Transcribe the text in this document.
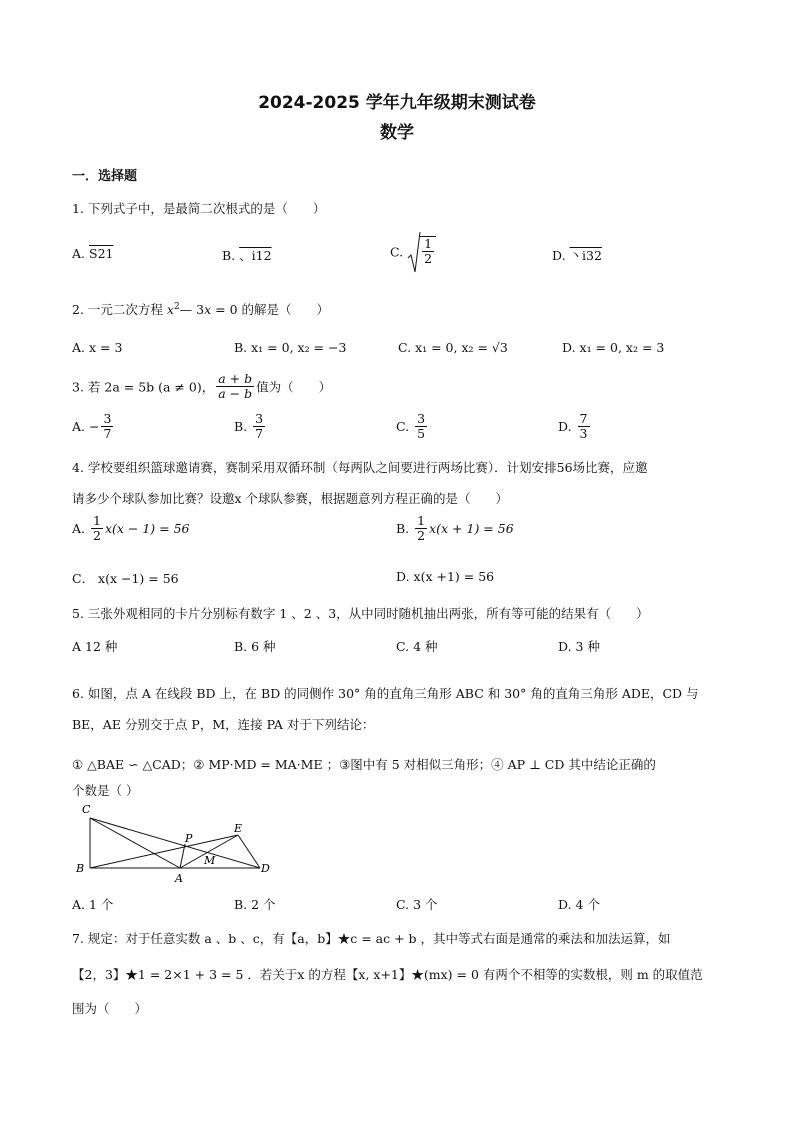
2024-2025 学年九年级期末测试卷
数学
一．选择题
1. 下列式子中，是最简二次根式的是（　　）
A. S21	B. 、i12	C. $\frac{1}{2}$	D. 丶i32
2. 一元二次方程 $x^2—$ 3x = 0 的解是（　　）
A. x = 3	B. x₁ = 0, x₂ = −3	C. x₁ = 0, x₂ = √3	D. x₁ = 0, x₂ = 3
3. 若 2a = 5b (a ≠ 0)， $\frac{a + b}{a - b}$ 值为（　　）
A. − $\frac{3}{7}$	B. $\frac{3}{7}$	C. $\frac{3}{5}$	D. $\frac{7}{3}$
4. 学校要组织篮球邀请赛，赛制采用双循环制（每两队之间要进行两场比赛）．计划安排56场比赛，应邀
请多少个球队参加比赛？设邀x 个球队参赛，根据题意列方程正确的是（　　）
A. $\frac{1}{2} x(x - 1) = 56$	B. $\frac{1}{2} x(x + 1) = 56$
C． x(x −1) = 56	D. x(x +1) = 56
5. 三张外观相同的卡片分别标有数字 1 、2 、3，从中同时随机抽出两张，所有等可能的结果有（　　）
A 12 种	B. 6 种	C. 4 种	D. 3 种
6. 如图，点 A 在线段 BD 上，在 BD 的同侧作 30° 角的直角三角形 ABC 和 30° 角的直角三角形 ADE，CD 与
BE，AE 分别交于点 P，M，连接 PA 对于下列结论：
① △BAE ∽ △CAD；② MP·MD = MA·ME ；③图中有 5 对相似三角形；④ AP ⊥ CD 其中结论正确的
个数是（ ）
C
B
P
E
M
A
D
A. 1 个	B. 2 个	C. 3 个	D. 4 个
7. 规定：对于任意实数 a 、b 、c，有【a，b】★c = ac + b ，其中等式右面是通常的乘法和加法运算，如
【2，3】★1 = 2×1 + 3 = 5 ．若关于x 的方程【x, x+1】★(mx) = 0 有两个不相等的实数根，则 m 的取值范
围为（　　）
